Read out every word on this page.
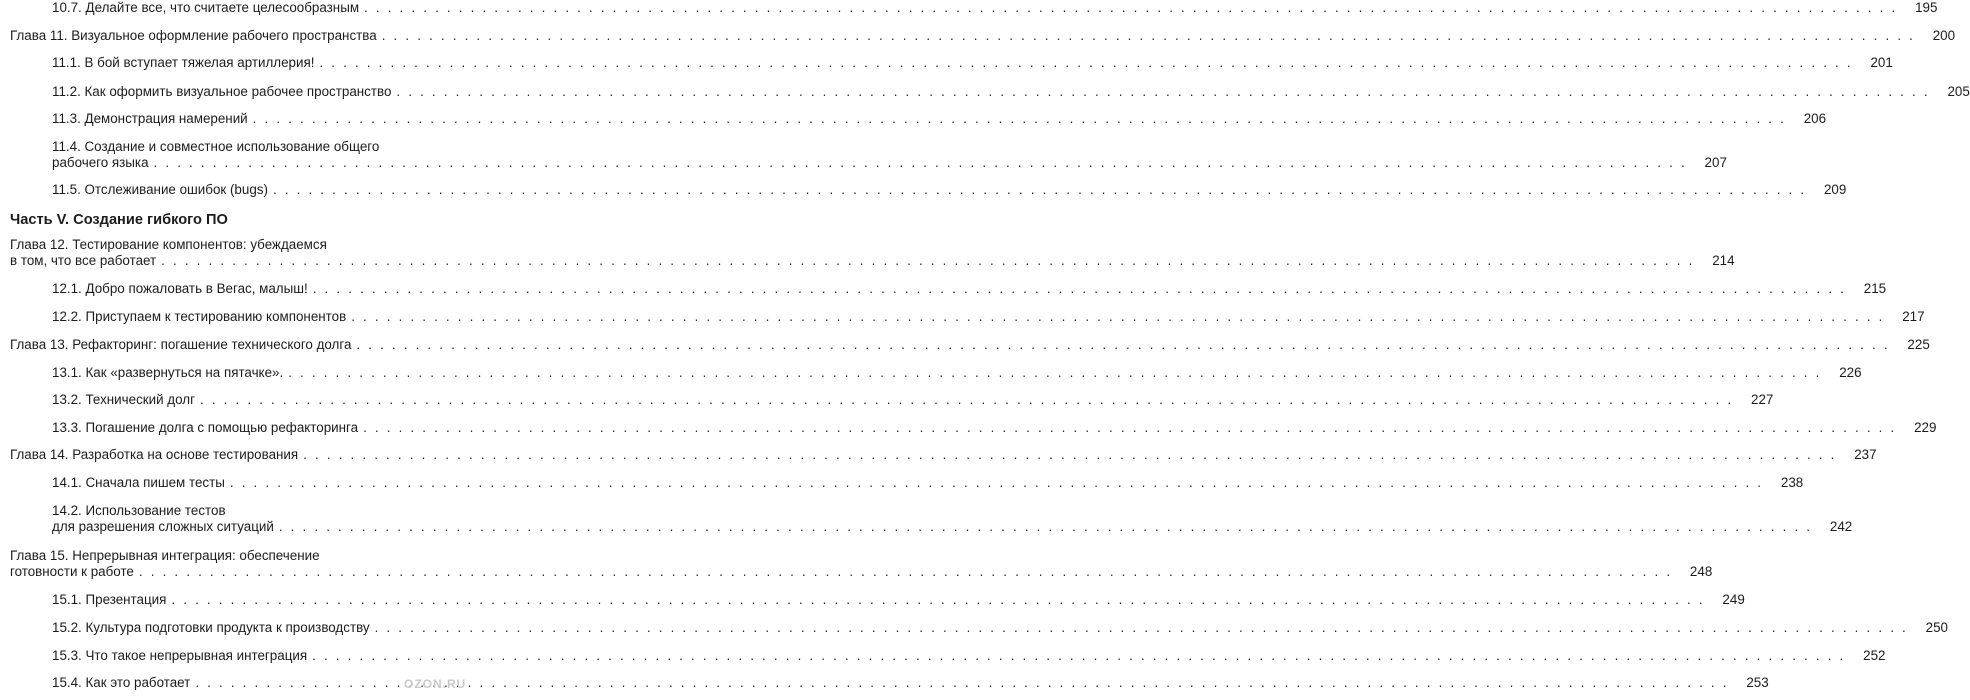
10.7. Делайте все, что считаете целесообразным . . .	195
Глава 11. Визуальное оформление рабочего пространства . . .	200
11.1. В бой вступает тяжелая артиллерия! . . .	201
11.2. Как оформить визуальное рабочее пространство . . .	205
11.3. Демонстрация намерений . . .	206
11.4. Создание и совместное использование общего
рабочего языка . . .	207
11.5. Отслеживание ошибок (bugs) . . .	209
Часть V. Создание гибкого ПО
Глава 12. Тестирование компонентов: убеждаемся
в том, что все работает . . .	214
12.1. Добро пожаловать в Вегас, малыш! . . .	215
12.2. Приступаем к тестированию компонентов . . .	217
Глава 13. Рефакторинг: погашение технического долга . . .	225
13.1. Как «развернуться на пятачке». . . .	226
13.2. Технический долг . . .	227
13.3. Погашение долга с помощью рефакторинга . . .	229
Глава 14. Разработка на основе тестирования . . .	237
14.1. Сначала пишем тесты . . .	238
14.2. Использование тестов
для разрешения сложных ситуаций . . .	242
Глава 15. Непрерывная интеграция: обеспечение
готовности к работе . . .	248
15.1. Презентация . . .	249
15.2. Культура подготовки продукта к производству . . .	250
15.3. Что такое непрерывная интеграция . . .	252
15.4. Как это работает . . .	253
OZON.RU
